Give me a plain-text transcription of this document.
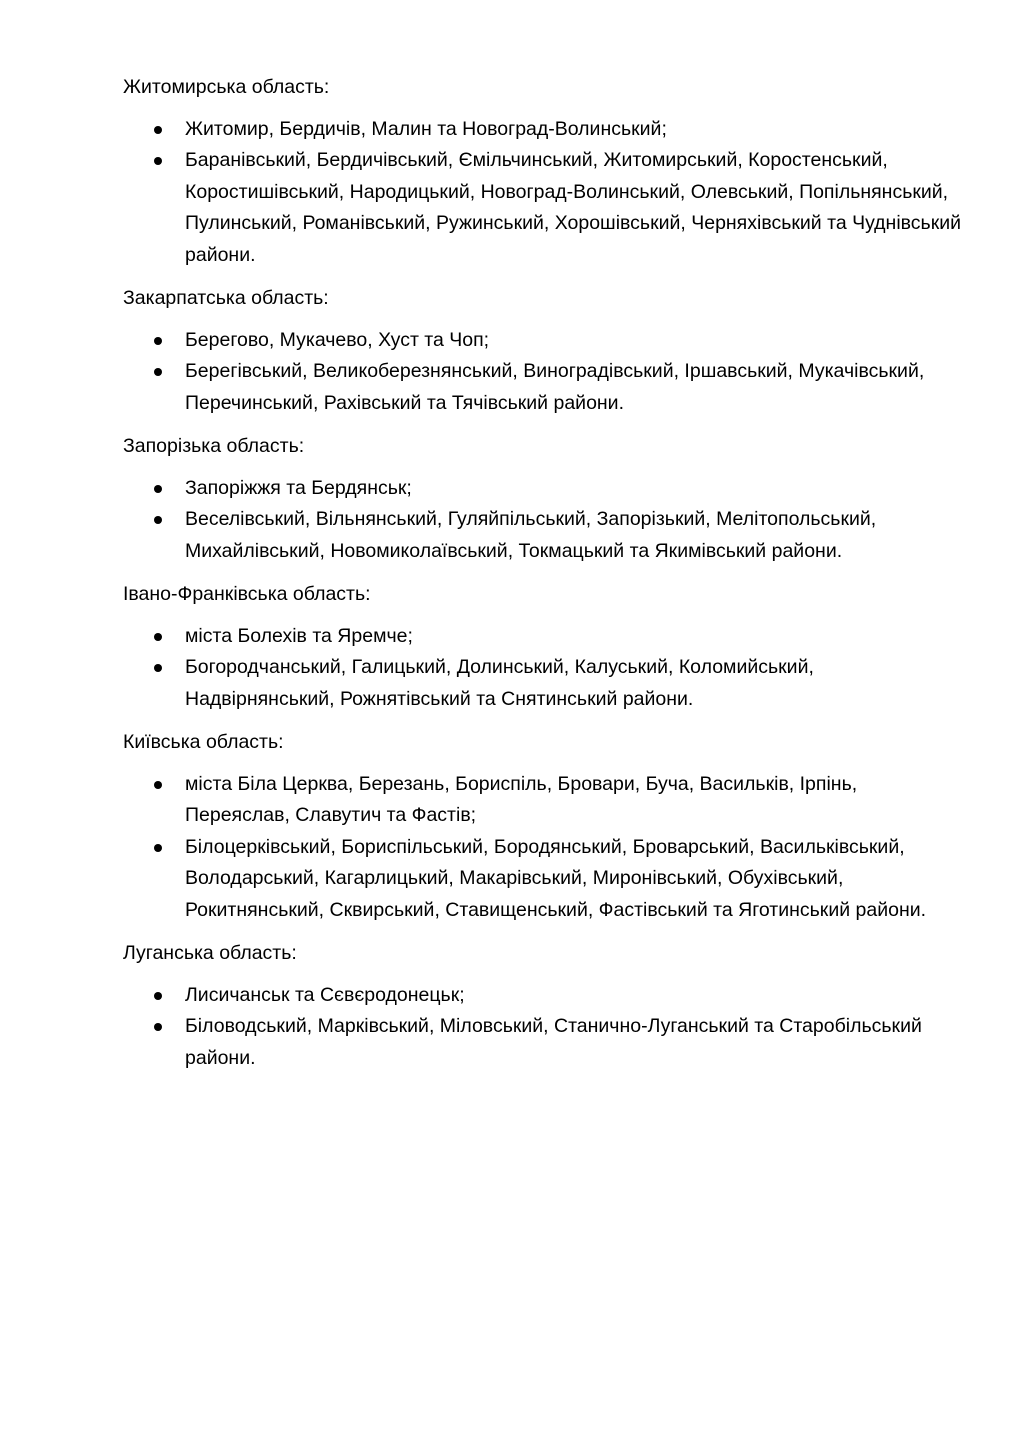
Житомирська область:

Житомир, Бердичів, Малин та Новоград-Волинський;
Баранівський, Бердичівський, Ємільчинський, Житомирський, Коростенський, Коростишівський, Народицький, Новоград-Волинський, Олевський, Попільнянський, Пулинський, Романівський, Ружинський, Хорошівський, Черняхівський та Чуднівський райони.

Закарпатська область:

Берегово, Мукачево, Хуст та Чоп;
Берегівський, Великоберезнянський, Виноградівський, Іршавський, Мукачівський, Перечинський, Рахівський та Тячівський райони.

Запорізька область:

Запоріжжя та Бердянськ;
Веселівський, Вільнянський, Гуляйпільський, Запорізький, Мелітопольський, Михайлівський, Новомиколаївський, Токмацький та Якимівський райони.

Івано-Франківська область:

міста Болехів та Яремче;
Богородчанський, Галицький, Долинський, Калуський, Коломийський, Надвірнянський, Рожнятівський та Снятинський райони.

Київська область:

міста Біла Церква, Березань, Бориспіль, Бровари, Буча, Васильків, Ірпінь, Переяслав, Славутич та Фастів;
Білоцерківський, Бориспільський, Бородянський, Броварський, Васильківський, Володарський, Кагарлицький, Макарівський, Миронівський, Обухівський, Рокитнянський, Сквирський, Ставищенський, Фастівський та Яготинський райони.

Луганська область:

Лисичанськ та Сєвєродонецьк;
Біловодський, Марківський, Міловський, Станично-Луганський та Старобільський райони.
